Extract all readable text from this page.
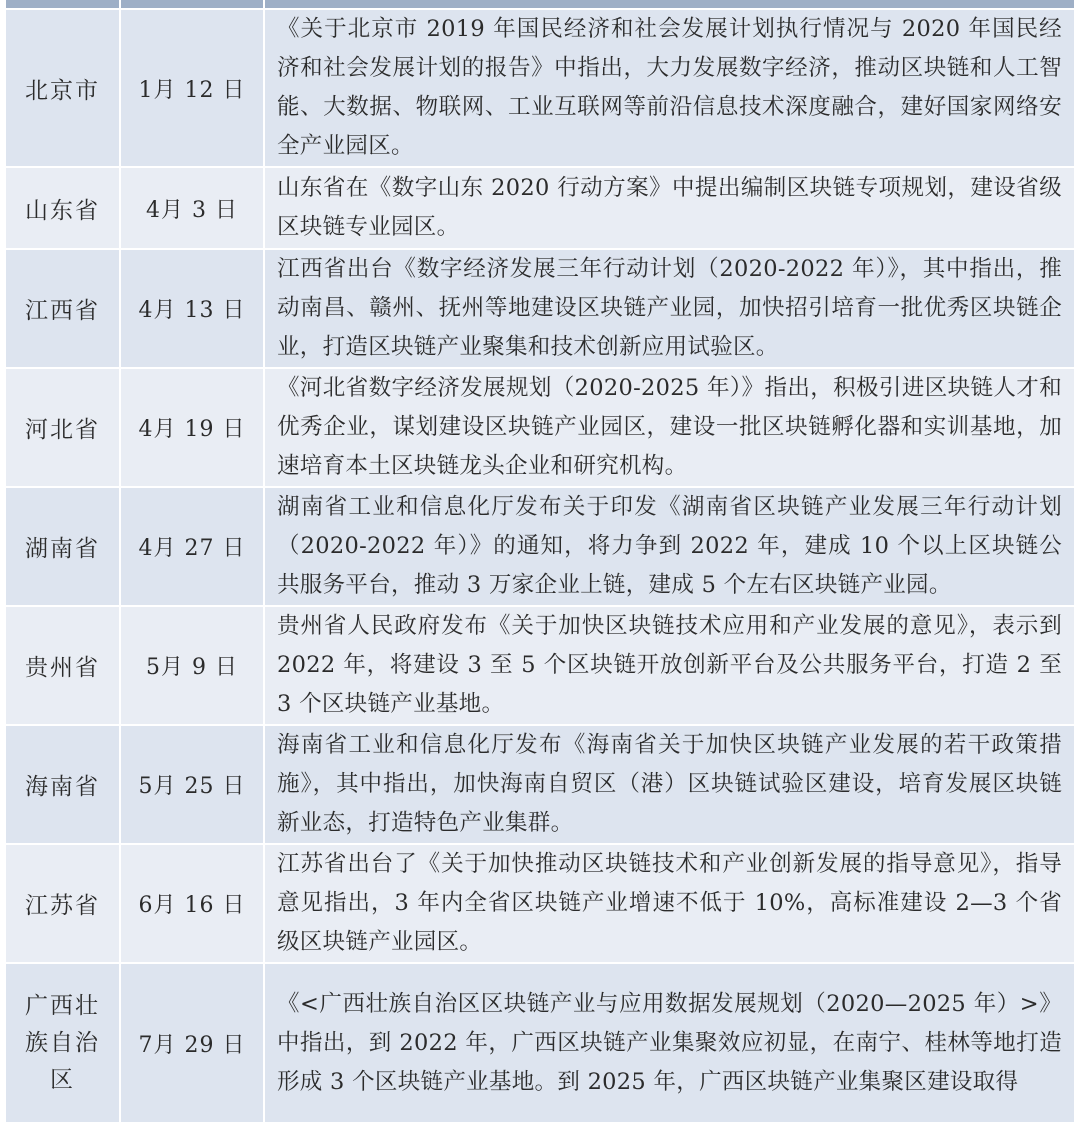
北京市	1月 12 日	《关于北京市 2019 年国民经济和社会发展计划执行情况与 2020 年国民经济和社会发展计划的报告》中指出，大力发展数字经济，推动区块链和人工智能、大数据、物联网、工业互联网等前沿信息技术深度融合，建好国家网络安全产业园区。
山东省	4月 3 日	山东省在《数字山东 2020 行动方案》中提出编制区块链专项规划，建设省级区块链专业园区。
江西省	4月 13 日	江西省出台《数字经济发展三年行动计划（2020-2022 年）》，其中指出，推动南昌、赣州、抚州等地建设区块链产业园，加快招引培育一批优秀区块链企业，打造区块链产业聚集和技术创新应用试验区。
河北省	4月 19 日	《河北省数字经济发展规划（2020-2025 年）》指出，积极引进区块链人才和优秀企业，谋划建设区块链产业园区，建设一批区块链孵化器和实训基地，加速培育本土区块链龙头企业和研究机构。
湖南省	4月 27 日	湖南省工业和信息化厅发布关于印发《湖南省区块链产业发展三年行动计划（2020-2022 年）》的通知，将力争到 2022 年，建成 10 个以上区块链公共服务平台，推动 3 万家企业上链，建成 5 个左右区块链产业园。
贵州省	5月 9 日	贵州省人民政府发布《关于加快区块链技术应用和产业发展的意见》，表示到 2022 年，将建设 3 至 5 个区块链开放创新平台及公共服务平台，打造 2 至 3 个区块链产业基地。
海南省	5月 25 日	海南省工业和信息化厅发布《海南省关于加快区块链产业发展的若干政策措施》，其中指出，加快海南自贸区（港）区块链试验区建设，培育发展区块链新业态，打造特色产业集群。
江苏省	6月 16 日	江苏省出台了《关于加快推动区块链技术和产业创新发展的指导意见》，指导意见指出，3 年内全省区块链产业增速不低于 10%，高标准建设 2—3 个省级区块链产业园区。
广西壮族自治区	7月 29 日	《<广西壮族自治区区块链产业与应用数据发展规划（2020—2025 年）>》中指出，到 2022 年，广西区块链产业集聚效应初显，在南宁、桂林等地打造形成 3 个区块链产业基地。到 2025 年，广西区块链产业集聚区建设取得
